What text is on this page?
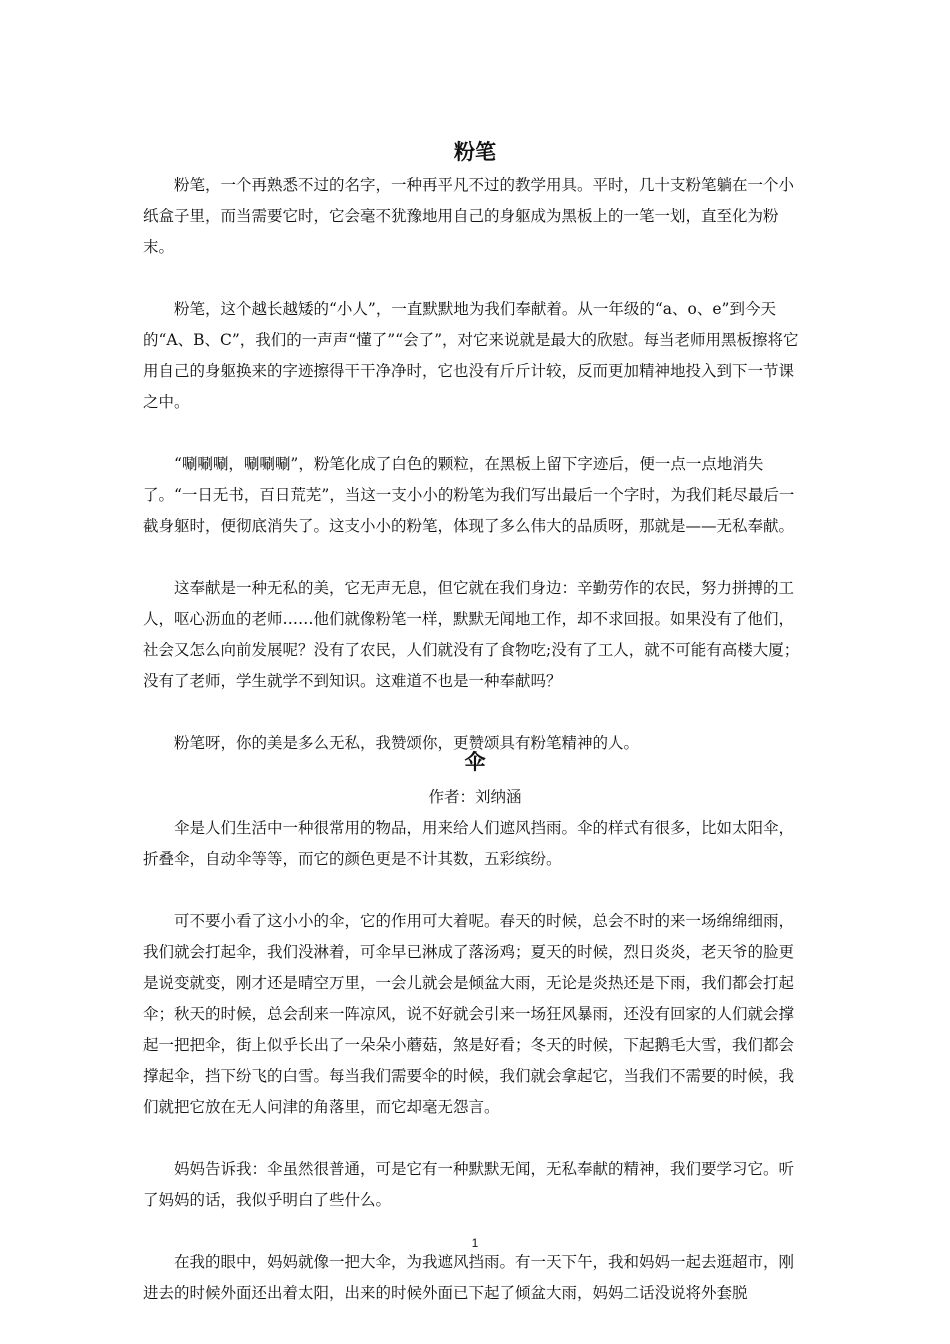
粉笔

粉笔，一个再熟悉不过的名字，一种再平凡不过的教学用具。平时，几十支粉笔躺在一个小纸盒子里，而当需要它时，它会毫不犹豫地用自己的身躯成为黑板上的一笔一划，直至化为粉末。

粉笔，这个越长越矮的“小人”，一直默默地为我们奉献着。从一年级的“a、o、e”到今天的“A、B、C”，我们的一声声“懂了”“会了”，对它来说就是最大的欣慰。每当老师用黑板擦将它用自己的身躯换来的字迹擦得干干净净时，它也没有斤斤计较，反而更加精神地投入到下一节课之中。

“唰唰唰，唰唰唰”，粉笔化成了白色的颗粒，在黑板上留下字迹后，便一点一点地消失了。“一日无书，百日荒芜”，当这一支小小的粉笔为我们写出最后一个字时，为我们耗尽最后一截身躯时，便彻底消失了。这支小小的粉笔，体现了多么伟大的品质呀，那就是——无私奉献。

这奉献是一种无私的美，它无声无息，但它就在我们身边：辛勤劳作的农民，努力拼搏的工人，呕心沥血的老师……他们就像粉笔一样，默默无闻地工作，却不求回报。如果没有了他们，社会又怎么向前发展呢？没有了农民，人们就没有了食物吃;没有了工人，就不可能有高楼大厦；没有了老师，学生就学不到知识。这难道不也是一种奉献吗？

粉笔呀，你的美是多么无私，我赞颂你，更赞颂具有粉笔精神的人。

伞
作者：刘纳涵

伞是人们生活中一种很常用的物品，用来给人们遮风挡雨。伞的样式有很多，比如太阳伞，折叠伞，自动伞等等，而它的颜色更是不计其数，五彩缤纷。

可不要小看了这小小的伞，它的作用可大着呢。春天的时候，总会不时的来一场绵绵细雨，我们就会打起伞，我们没淋着，可伞早已淋成了落汤鸡；夏天的时候，烈日炎炎，老天爷的脸更是说变就变，刚才还是晴空万里，一会儿就会是倾盆大雨，无论是炎热还是下雨，我们都会打起伞；秋天的时候，总会刮来一阵凉风，说不好就会引来一场狂风暴雨，还没有回家的人们就会撑起一把把伞，街上似乎长出了一朵朵小蘑菇，煞是好看；冬天的时候，下起鹅毛大雪，我们都会撑起伞，挡下纷飞的白雪。每当我们需要伞的时候，我们就会拿起它，当我们不需要的时候，我们就把它放在无人问津的角落里，而它却毫无怨言。

妈妈告诉我：伞虽然很普通，可是它有一种默默无闻，无私奉献的精神，我们要学习它。听了妈妈的话，我似乎明白了些什么。

在我的眼中，妈妈就像一把大伞，为我遮风挡雨。有一天下午，我和妈妈一起去逛超市，刚进去的时候外面还出着太阳，出来的时候外面已下起了倾盆大雨，妈妈二话没说将外套脱

1
